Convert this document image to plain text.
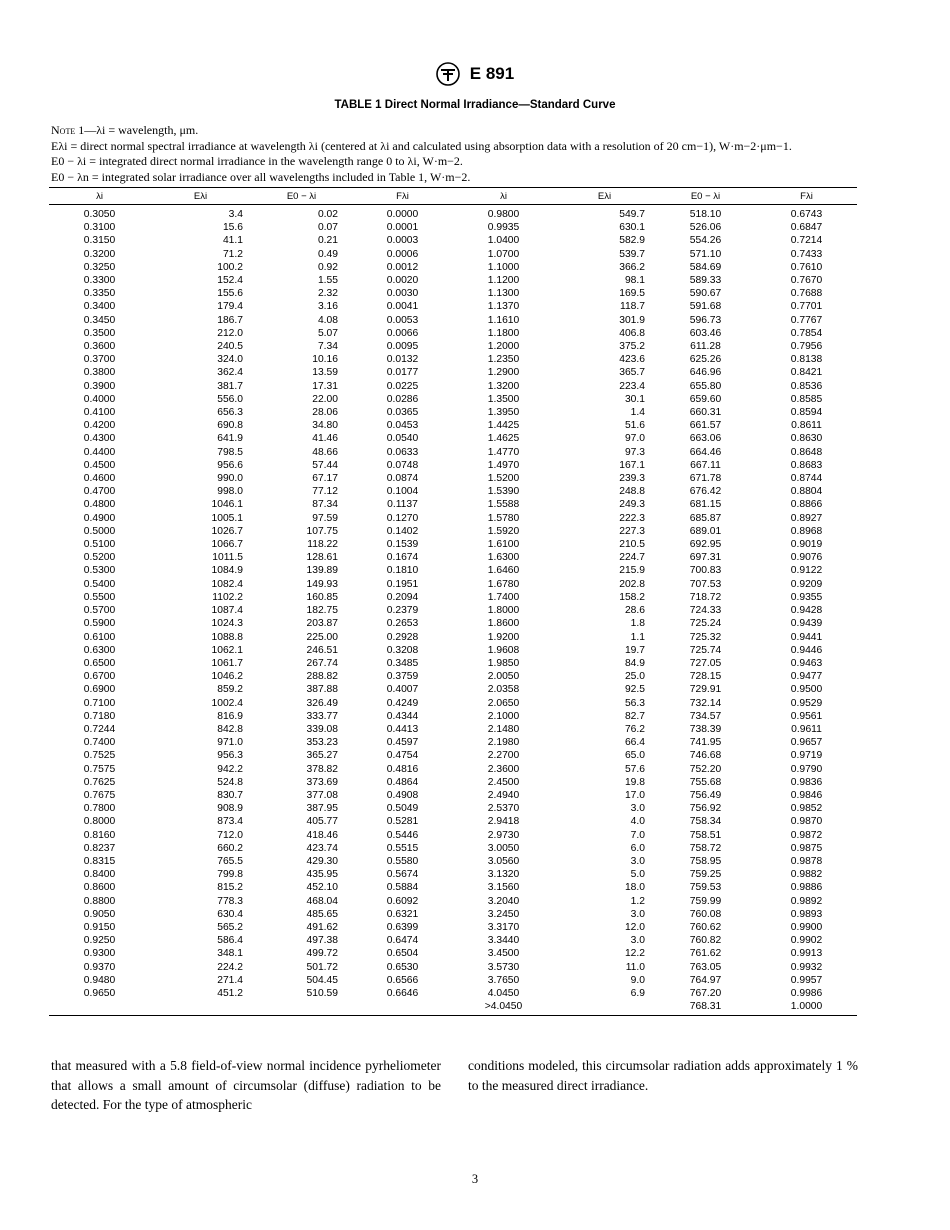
E 891
TABLE 1 Direct Normal Irradiance—Standard Curve
Note 1—λi = wavelength, μm.
Eλi = direct normal spectral irradiance at wavelength λi (centered at λi and calculated using absorption data with a resolution of 20 cm−1), W·m−2·μm−1.
E0 − λi = integrated direct normal irradiance in the wavelength range 0 to λi, W·m−2.
E0 − λn = integrated solar irradiance over all wavelengths included in Table 1, W·m−2.
λi	Eλi	E0 − λi	Fλi	λi	Eλi	E0 − λi	Fλi
0.3050	3.4	0.02	0.0000	0.9800	549.7	518.10	0.6743
0.3100	15.6	0.07	0.0001	0.9935	630.1	526.06	0.6847
0.3150	41.1	0.21	0.0003	1.0400	582.9	554.26	0.7214
0.3200	71.2	0.49	0.0006	1.0700	539.7	571.10	0.7433
0.3250	100.2	0.92	0.0012	1.1000	366.2	584.69	0.7610
0.3300	152.4	1.55	0.0020	1.1200	98.1	589.33	0.7670
0.3350	155.6	2.32	0.0030	1.1300	169.5	590.67	0.7688
0.3400	179.4	3.16	0.0041	1.1370	118.7	591.68	0.7701
0.3450	186.7	4.08	0.0053	1.1610	301.9	596.73	0.7767
0.3500	212.0	5.07	0.0066	1.1800	406.8	603.46	0.7854
0.3600	240.5	7.34	0.0095	1.2000	375.2	611.28	0.7956
0.3700	324.0	10.16	0.0132	1.2350	423.6	625.26	0.8138
0.3800	362.4	13.59	0.0177	1.2900	365.7	646.96	0.8421
0.3900	381.7	17.31	0.0225	1.3200	223.4	655.80	0.8536
0.4000	556.0	22.00	0.0286	1.3500	30.1	659.60	0.8585
0.4100	656.3	28.06	0.0365	1.3950	1.4	660.31	0.8594
0.4200	690.8	34.80	0.0453	1.4425	51.6	661.57	0.8611
0.4300	641.9	41.46	0.0540	1.4625	97.0	663.06	0.8630
0.4400	798.5	48.66	0.0633	1.4770	97.3	664.46	0.8648
0.4500	956.6	57.44	0.0748	1.4970	167.1	667.11	0.8683
0.4600	990.0	67.17	0.0874	1.5200	239.3	671.78	0.8744
0.4700	998.0	77.12	0.1004	1.5390	248.8	676.42	0.8804
0.4800	1046.1	87.34	0.1137	1.5588	249.3	681.15	0.8866
0.4900	1005.1	97.59	0.1270	1.5780	222.3	685.87	0.8927
0.5000	1026.7	107.75	0.1402	1.5920	227.3	689.01	0.8968
0.5100	1066.7	118.22	0.1539	1.6100	210.5	692.95	0.9019
0.5200	1011.5	128.61	0.1674	1.6300	224.7	697.31	0.9076
0.5300	1084.9	139.89	0.1810	1.6460	215.9	700.83	0.9122
0.5400	1082.4	149.93	0.1951	1.6780	202.8	707.53	0.9209
0.5500	1102.2	160.85	0.2094	1.7400	158.2	718.72	0.9355
0.5700	1087.4	182.75	0.2379	1.8000	28.6	724.33	0.9428
0.5900	1024.3	203.87	0.2653	1.8600	1.8	725.24	0.9439
0.6100	1088.8	225.00	0.2928	1.9200	1.1	725.32	0.9441
0.6300	1062.1	246.51	0.3208	1.9608	19.7	725.74	0.9446
0.6500	1061.7	267.74	0.3485	1.9850	84.9	727.05	0.9463
0.6700	1046.2	288.82	0.3759	2.0050	25.0	728.15	0.9477
0.6900	859.2	387.88	0.4007	2.0358	92.5	729.91	0.9500
0.7100	1002.4	326.49	0.4249	2.0650	56.3	732.14	0.9529
0.7180	816.9	333.77	0.4344	2.1000	82.7	734.57	0.9561
0.7244	842.8	339.08	0.4413	2.1480	76.2	738.39	0.9611
0.7400	971.0	353.23	0.4597	2.1980	66.4	741.95	0.9657
0.7525	956.3	365.27	0.4754	2.2700	65.0	746.68	0.9719
0.7575	942.2	378.82	0.4816	2.3600	57.6	752.20	0.9790
0.7625	524.8	373.69	0.4864	2.4500	19.8	755.68	0.9836
0.7675	830.7	377.08	0.4908	2.4940	17.0	756.49	0.9846
0.7800	908.9	387.95	0.5049	2.5370	3.0	756.92	0.9852
0.8000	873.4	405.77	0.5281	2.9418	4.0	758.34	0.9870
0.8160	712.0	418.46	0.5446	2.9730	7.0	758.51	0.9872
0.8237	660.2	423.74	0.5515	3.0050	6.0	758.72	0.9875
0.8315	765.5	429.30	0.5580	3.0560	3.0	758.95	0.9878
0.8400	799.8	435.95	0.5674	3.1320	5.0	759.25	0.9882
0.8600	815.2	452.10	0.5884	3.1560	18.0	759.53	0.9886
0.8800	778.3	468.04	0.6092	3.2040	1.2	759.99	0.9892
0.9050	630.4	485.65	0.6321	3.2450	3.0	760.08	0.9893
0.9150	565.2	491.62	0.6399	3.3170	12.0	760.62	0.9900
0.9250	586.4	497.38	0.6474	3.3440	3.0	760.82	0.9902
0.9300	348.1	499.72	0.6504	3.4500	12.2	761.62	0.9913
0.9370	224.2	501.72	0.6530	3.5730	11.0	763.05	0.9932
0.9480	271.4	504.45	0.6566	3.7650	9.0	764.97	0.9957
0.9650	451.2	510.59	0.6646	4.0450	6.9	767.20	0.9986
				>4.0450		768.31	1.0000
that measured with a 5.8 field-of-view normal incidence pyrheliometer that allows a small amount of circumsolar (diffuse) radiation to be detected. For the type of atmospheric
conditions modeled, this circumsolar radiation adds approximately 1 % to the measured direct irradiance.
3
